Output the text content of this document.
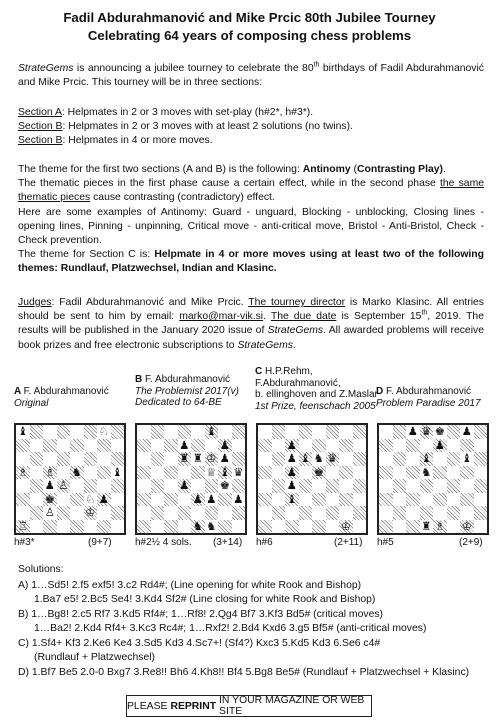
Fadil Abdurahmanović and Mike Prcic 80th Jubilee Tourney
Celebrating 64 years of composing chess problems
StrateGems is announcing a jubilee tourney to celebrate the 80th birthdays of Fadil Abdurahmanović and Mike Prcic. This tourney will be in three sections:
Section A: Helpmates in 2 or 3 moves with set-play (h#2*, h#3*).
Section B: Helpmates in 2 or 3 moves with at least 2 solutions (no twins).
Section B: Helpmates in 4 or more moves.
The theme for the first two sections (A and B) is the following: Antinomy (Contrasting Play).
The thematic pieces in the first phase cause a certain effect, while in the second phase the same thematic pieces cause contrasting (contradictory) effect.
Here are some examples of Antinomy: Guard - unguard, Blocking - unblocking, Closing lines - opening lines, Pinning - unpinning, Critical move - anti-critical move, Bristol - Anti-Bristol, Check - Check prevention.
The theme for Section C is: Helpmate in 4 or more moves using at least two of the following themes: Rundlauf, Platzwechsel, Indian and Klasinc.
Judges: Fadil Abdurahmanović and Mike Prcic. The tourney director is Marko Klasinc. All entries should be sent to him by email: marko@mar-vik.si. The due date is September 15th, 2019. The results will be published in the January 2020 issue of StrateGems. All awarded problems will receive book prizes and free electronic subscriptions to StrateGems.
A F. Abdurahmanović
Original
B F. Abdurahmanović
The Problemist 2017(v)
Dedicated to 64-BE
C H.P.Rehm,
F.Abdurahmanović,
b. ellinghoven and Z.Maslar
1st Prize, feenschach 2005
D F. Abdurahmanović
Problem Paradise 2017
♝	♘
♗ ♗ ♞	♝
♟ ♙
♚	♘ ♟
♙	♔
♖
♝
♟	♟
♜ ♜ ♔ ♟
♕ ♝ ♛
♟	♚
♟ ♟ ♟
♞ ♞
♟
♟ ♝ ♞ ♛
♟ ♚
♟
♝
♔
♟ ♛ ♚ ♟
♟
♝	♝
♞
♜ ♗ ♔
h#3*	(9+7) h#2½ 4 sols. (3+14) h#6	(2+11) h#5	(2+9)
Solutions:
A) 1…Sd5! 2.f5 exf5! 3.c2 Rd4#; (Line opening for white Rook and Bishop)
1.Ba7 e5! 2.Bc5 Se4! 3.Kd4 Sf2# (Line closing for white Rook and Bishop)
B) 1…Bg8! 2.c5 Rf7 3.Kd5 Rf4#; 1…Rf8! 2.Qg4 Bf7 3.Kf3 Bd5# (critical moves)
1…Ba2! 2.Kd4 Rf4+ 3.Kc3 Rc4#; 1…Rxf2! 2.Bd4 Kxd6 3.g5 Bf5# (anti-critical moves)
C) 1.Sf4+ Kf3 2.Ke6 Ke4 3.Sd5 Kd3 4.Sc7+! (Sf4?) Kxc3 5.Kd5 Kd3 6.Se6 c4#
(Rundlauf + Platzwechsel)
D) 1.Bf7 Be5 2.0-0 Bxg7 3.Re8!! Bh6 4.Kh8!! Bf4 5.Bg8 Be5# (Rundlauf + Platzwechsel + Klasinc)
PLEASE REPRINT IN YOUR MAGAZINE OR WEB SITE
